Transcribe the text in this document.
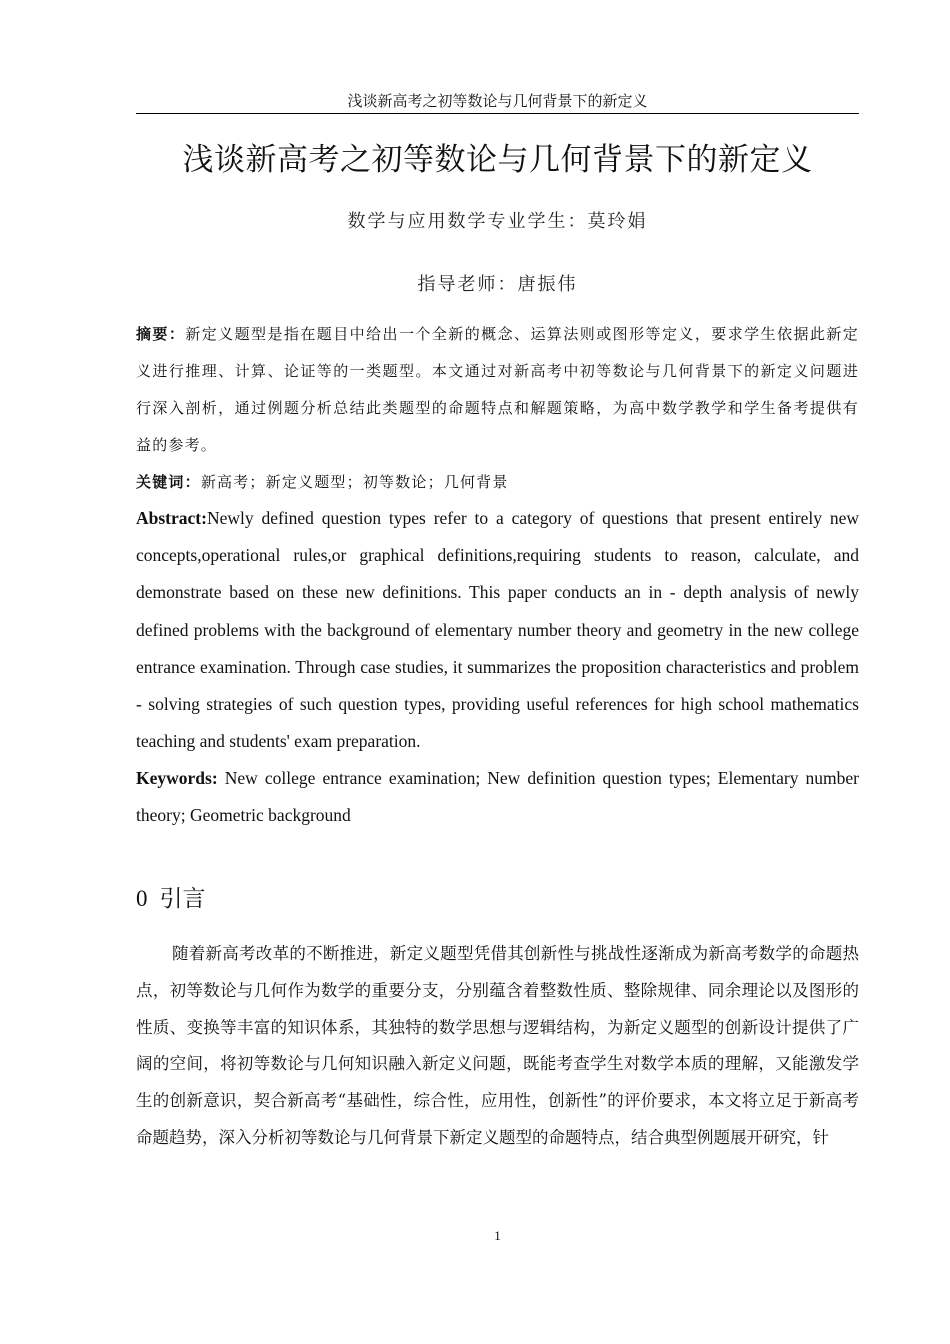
浅谈新高考之初等数论与几何背景下的新定义
浅谈新高考之初等数论与几何背景下的新定义
数学与应用数学专业学生：莫玲娟
指导老师：唐振伟
摘要：新定义题型是指在题目中给出一个全新的概念、运算法则或图形等定义，要求学生依据此新定义进行推理、计算、论证等的一类题型。本文通过对新高考中初等数论与几何背景下的新定义问题进行深入剖析，通过例题分析总结此类题型的命题特点和解题策略，为高中数学教学和学生备考提供有益的参考。
关键词：新高考；新定义题型；初等数论；几何背景
Abstract:Newly defined question types refer to a category of questions that present entirely new concepts,operational rules,or graphical definitions,requiring students to reason, calculate, and demonstrate based on these new definitions. This paper conducts an in - depth analysis of newly defined problems with the background of elementary number theory and geometry in the new college entrance examination. Through case studies, it summarizes the proposition characteristics and problem - solving strategies of such question types, providing useful references for high school mathematics teaching and students' exam preparation.
Keywords: New college entrance examination; New definition question types; Elementary number theory; Geometric background
0 引言
随着新高考改革的不断推进，新定义题型凭借其创新性与挑战性逐渐成为新高考数学的命题热点，初等数论与几何作为数学的重要分支，分别蕴含着整数性质、整除规律、同余理论以及图形的性质、变换等丰富的知识体系，其独特的数学思想与逻辑结构，为新定义题型的创新设计提供了广阔的空间，将初等数论与几何知识融入新定义问题，既能考查学生对数学本质的理解，又能激发学生的创新意识，契合新高考“基础性，综合性，应用性，创新性”的评价要求，本文将立足于新高考命题趋势，深入分析初等数论与几何背景下新定义题型的命题特点，结合典型例题展开研究，针
1
